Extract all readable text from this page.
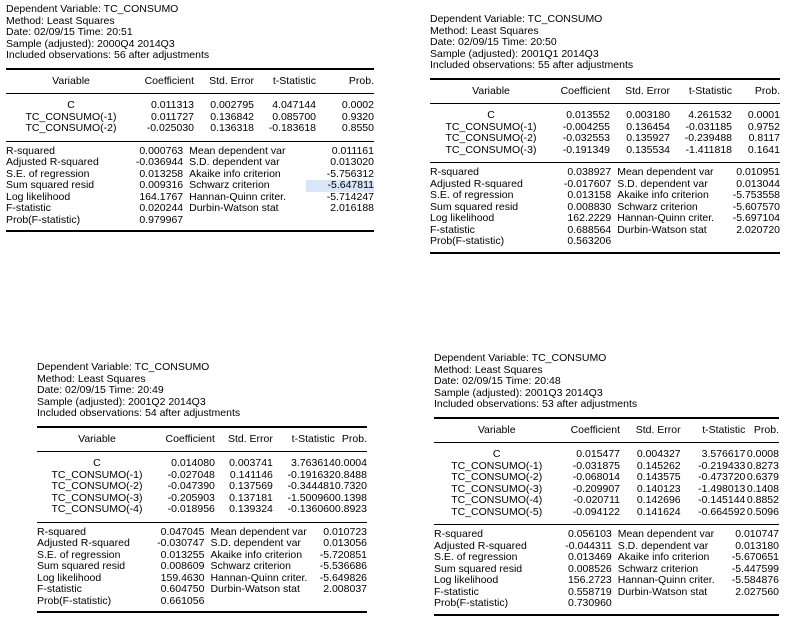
Dependent Variable: TC_CONSUMO
Method: Least Squares
Date: 02/09/15 Time: 20:51
Sample (adjusted): 2000Q4 2014Q3
Included observations: 56 after adjustments
Variable	Coefficient	Std. Error	t-Statistic	Prob.

C	0.011313	0.002795	4.047144	0.0002
TC_CONSUMO(-1)	0.011727	0.136842	0.085700	0.9320
TC_CONSUMO(-2)	-0.025030	0.136318	-0.183618	0.8550

R-squared	0.000763	Mean dependent var	0.011161
Adjusted R-squared	-0.036944	S.D. dependent var	0.013020
S.E. of regression	0.013258	Akaike info criterion	-5.756312
Sum squared resid	0.009316	Schwarz criterion	-5.647811
Log likelihood	164.1767	Hannan-Quinn criter.	-5.714247
F-statistic	0.020244	Durbin-Watson stat	2.016188
Prob(F-statistic)	0.979967		

Dependent Variable: TC_CONSUMO
Method: Least Squares
Date: 02/09/15 Time: 20:50
Sample (adjusted): 2001Q1 2014Q3
Included observations: 55 after adjustments
Variable	Coefficient	Std. Error	t-Statistic	Prob.

C	0.013552	0.003180	4.261532	0.0001
TC_CONSUMO(-1)	-0.004255	0.136454	-0.031185	0.9752
TC_CONSUMO(-2)	-0.032553	0.135927	-0.239488	0.8117
TC_CONSUMO(-3)	-0.191349	0.135534	-1.411818	0.1641

R-squared	0.038927	Mean dependent var	0.010951
Adjusted R-squared	-0.017607	S.D. dependent var	0.013044
S.E. of regression	0.013158	Akaike info criterion	-5.753558
Sum squared resid	0.008830	Schwarz criterion	-5.607570
Log likelihood	162.2229	Hannan-Quinn criter.	-5.697104
F-statistic	0.688564	Durbin-Watson stat	2.020720
Prob(F-statistic)	0.563206		

Dependent Variable: TC_CONSUMO
Method: Least Squares
Date: 02/09/15 Time: 20:49
Sample (adjusted): 2001Q2 2014Q3
Included observations: 54 after adjustments
Variable	Coefficient	Std. Error	t-Statistic	Prob.

C	0.014080	0.003741	3.763614	0.0004
TC_CONSUMO(-1)	-0.027048	0.141146	-0.191632	0.8488
TC_CONSUMO(-2)	-0.047390	0.137569	-0.344481	0.7320
TC_CONSUMO(-3)	-0.205903	0.137181	-1.500960	0.1398
TC_CONSUMO(-4)	-0.018956	0.139324	-0.136060	0.8923

R-squared	0.047045	Mean dependent var	0.010723
Adjusted R-squared	-0.030747	S.D. dependent var	0.013056
S.E. of regression	0.013255	Akaike info criterion	-5.720851
Sum squared resid	0.008609	Schwarz criterion	-5.536686
Log likelihood	159.4630	Hannan-Quinn criter.	-5.649826
F-statistic	0.604750	Durbin-Watson stat	2.008037
Prob(F-statistic)	0.661056		

Dependent Variable: TC_CONSUMO
Method: Least Squares
Date: 02/09/15 Time: 20:48
Sample (adjusted): 2001Q3 2014Q3
Included observations: 53 after adjustments
Variable	Coefficient	Std. Error	t-Statistic	Prob.

C	0.015477	0.004327	3.576617	0.0008
TC_CONSUMO(-1)	-0.031875	0.145262	-0.219433	0.8273
TC_CONSUMO(-2)	-0.068014	0.143575	-0.473720	0.6379
TC_CONSUMO(-3)	-0.209907	0.140123	-1.498013	0.1408
TC_CONSUMO(-4)	-0.020711	0.142696	-0.145144	0.8852
TC_CONSUMO(-5)	-0.094122	0.141624	-0.664592	0.5096

R-squared	0.056103	Mean dependent var	0.010747
Adjusted R-squared	-0.044311	S.D. dependent var	0.013180
S.E. of regression	0.013469	Akaike info criterion	-5.670651
Sum squared resid	0.008526	Schwarz criterion	-5.447599
Log likelihood	156.2723	Hannan-Quinn criter.	-5.584876
F-statistic	0.558719	Durbin-Watson stat	2.027560
Prob(F-statistic)	0.730960		
